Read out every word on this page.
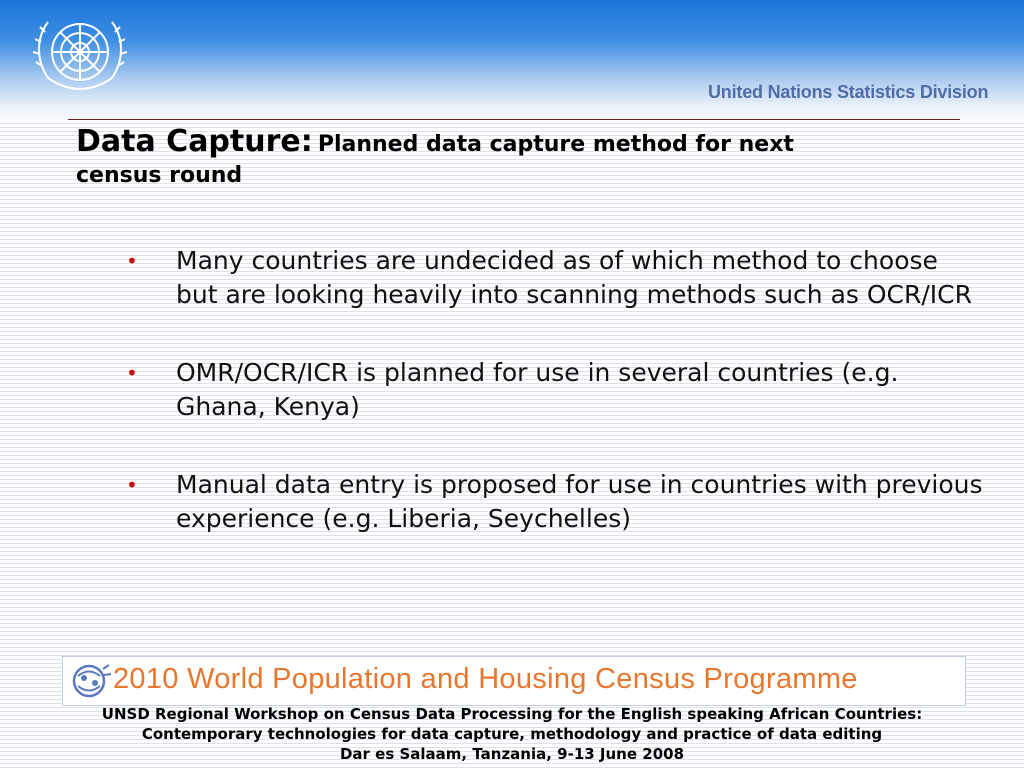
United Nations Statistics Division
Data Capture: Planned data capture method for next
census round
• Many countries are undecided as of which method to choose but are looking heavily into scanning methods such as OCR/ICR
• OMR/OCR/ICR is planned for use in several countries (e.g. Ghana, Kenya)
• Manual data entry is proposed for use in countries with previous experience (e.g. Liberia, Seychelles)
2010 World Population and Housing Census Programme
UNSD Regional Workshop on Census Data Processing for the English speaking African Countries:
Contemporary technologies for data capture, methodology and practice of data editing
Dar es Salaam, Tanzania, 9-13 June 2008
